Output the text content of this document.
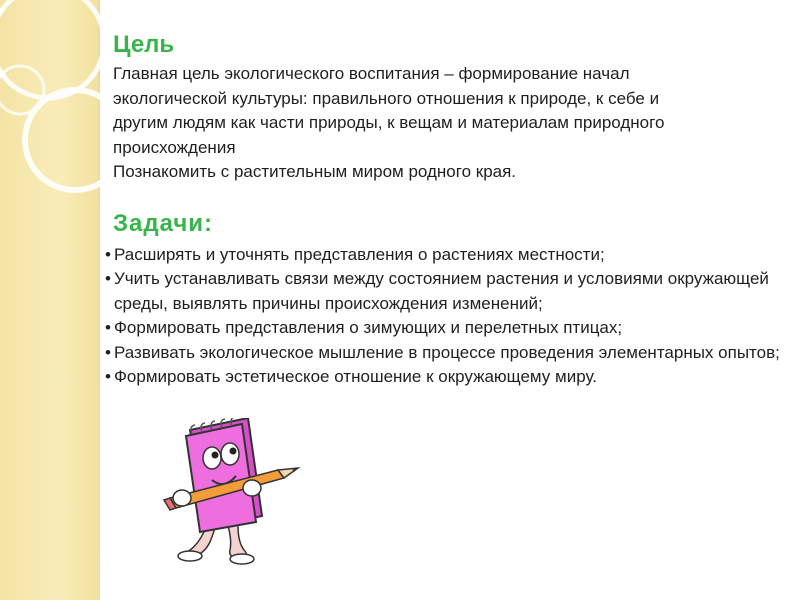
Цель

Главная цель экологического воспитания – формирование начал
экологической культуры: правильного отношения к природе, к себе и
другим людям как части природы, к вещам и материалам природного
происхождения
Познакомить с растительным миром родного края.

Задачи:
• Расширять и уточнять представления о растениях местности;
• Учить устанавливать связи между состоянием растения и условиями окружающей среды, выявлять причины происхождения изменений;
• Формировать представления о зимующих и перелетных птицах;
• Развивать экологическое мышление в процессе проведения элементарных опытов;
• Формировать эстетическое отношение к окружающему миру.
